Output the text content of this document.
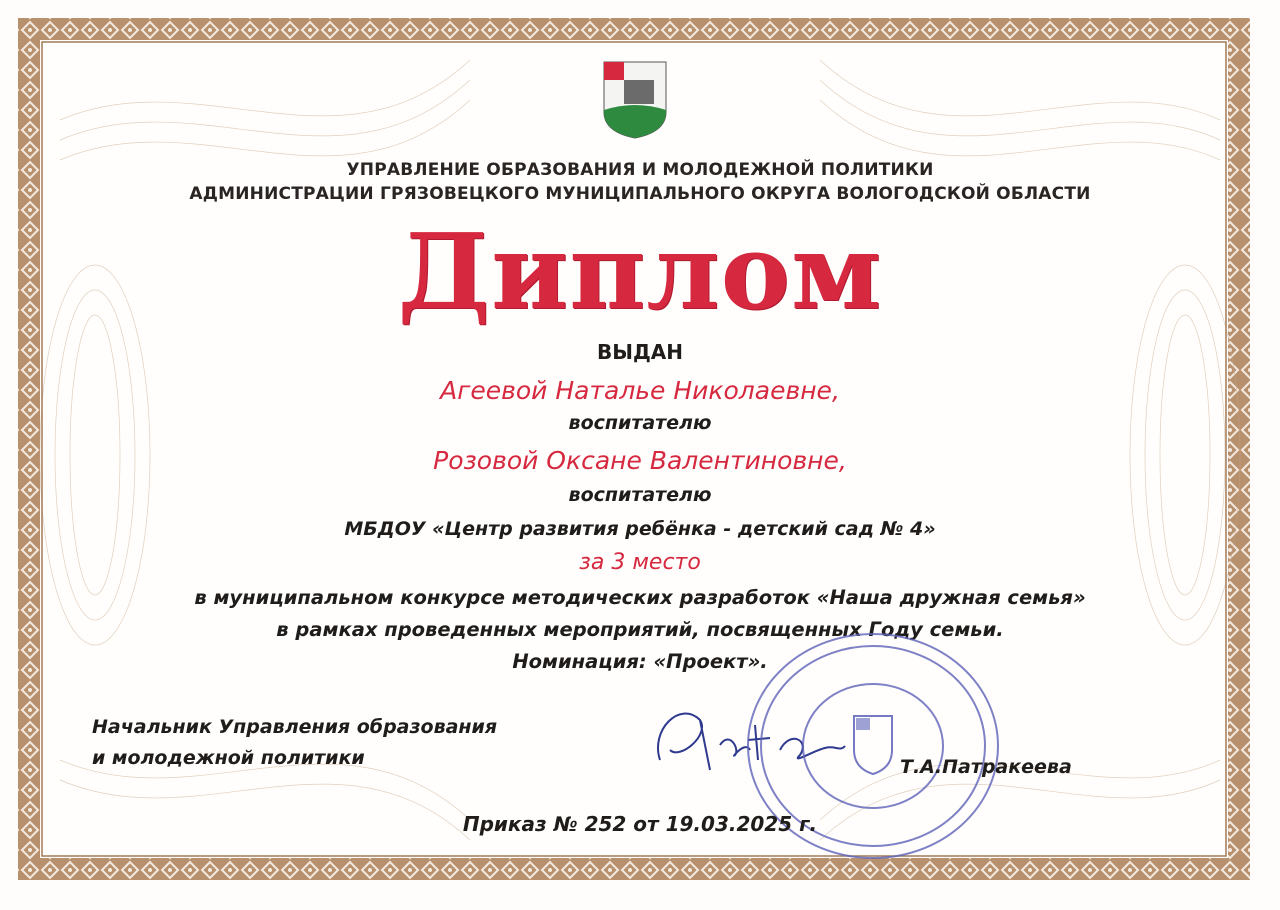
УПРАВЛЕНИЕ ОБРАЗОВАНИЯ И МОЛОДЕЖНОЙ ПОЛИТИКИ
АДМИНИСТРАЦИИ ГРЯЗОВЕЦКОГО МУНИЦИПАЛЬНОГО ОКРУГА ВОЛОГОДСКОЙ ОБЛАСТИ
Диплом
ВЫДАН
Агеевой Наталье Николаевне,
воспитателю
Розовой Оксане Валентиновне,
воспитателю
МБДОУ «Центр развития ребёнка - детский сад № 4»
за 3 место
в муниципальном конкурсе методических разработок «Наша дружная семья»
в рамках проведенных мероприятий, посвященных Году семьи.
Номинация: «Проект».
Начальник Управления образования
и молодежной политики	Т.А.Патракеева
Приказ № 252 от 19.03.2025 г.
